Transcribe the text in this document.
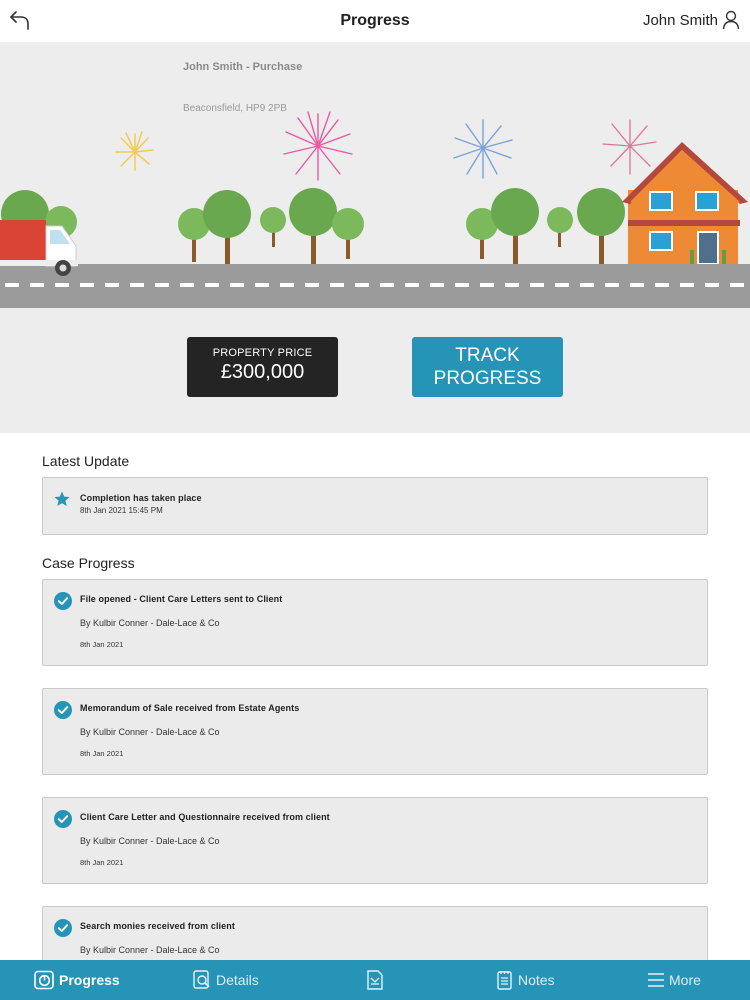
Progress	John Smith
John Smith - Purchase
Beaconsfield, HP9 2PB
PROPERTY PRICE
£300,000
TRACK
PROGRESS
Latest Update
Completion has taken place
8th Jan 2021 15:45 PM
Case Progress
File opened - Client Care Letters sent to Client
By Kulbir Conner - Dale-Lace & Co
8th Jan 2021
Memorandum of Sale received from Estate Agents
By Kulbir Conner - Dale-Lace & Co
8th Jan 2021
Client Care Letter and Questionnaire received from client
By Kulbir Conner - Dale-Lace & Co
8th Jan 2021
Search monies received from client
By Kulbir Conner - Dale-Lace & Co
Progress	Details	Notes	More
